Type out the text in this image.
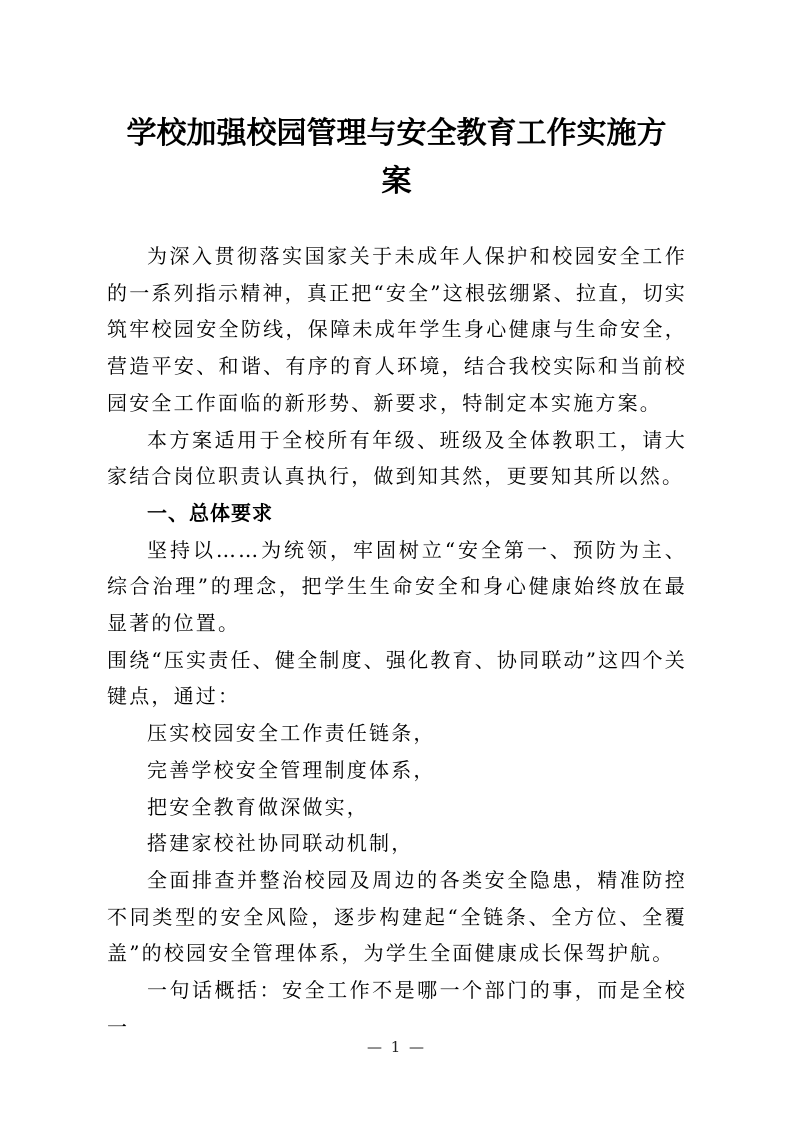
学校加强校园管理与安全教育工作实施方
案

为深入贯彻落实国家关于未成年人保护和校园安全工作的一系列指示精神，真正把“安全”这根弦绷紧、拉直，切实筑牢校园安全防线，保障未成年学生身心健康与生命安全，营造平安、和谐、有序的育人环境，结合我校实际和当前校园安全工作面临的新形势、新要求，特制定本实施方案。

本方案适用于全校所有年级、班级及全体教职工，请大家结合岗位职责认真执行，做到知其然，更要知其所以然。

一、总体要求

坚持以……为统领，牢固树立“安全第一、预防为主、综合治理”的理念，把学生生命安全和身心健康始终放在最显著的位置。

围绕“压实责任、健全制度、强化教育、协同联动”这四个关键点，通过：

压实校园安全工作责任链条，

完善学校安全管理制度体系，

把安全教育做深做实，

搭建家校社协同联动机制，

全面排查并整治校园及周边的各类安全隐患，精准防控不同类型的安全风险，逐步构建起“全链条、全方位、全覆盖”的校园安全管理体系，为学生全面健康成长保驾护航。

一句话概括：安全工作不是哪一个部门的事，而是全校一

— 1 —
